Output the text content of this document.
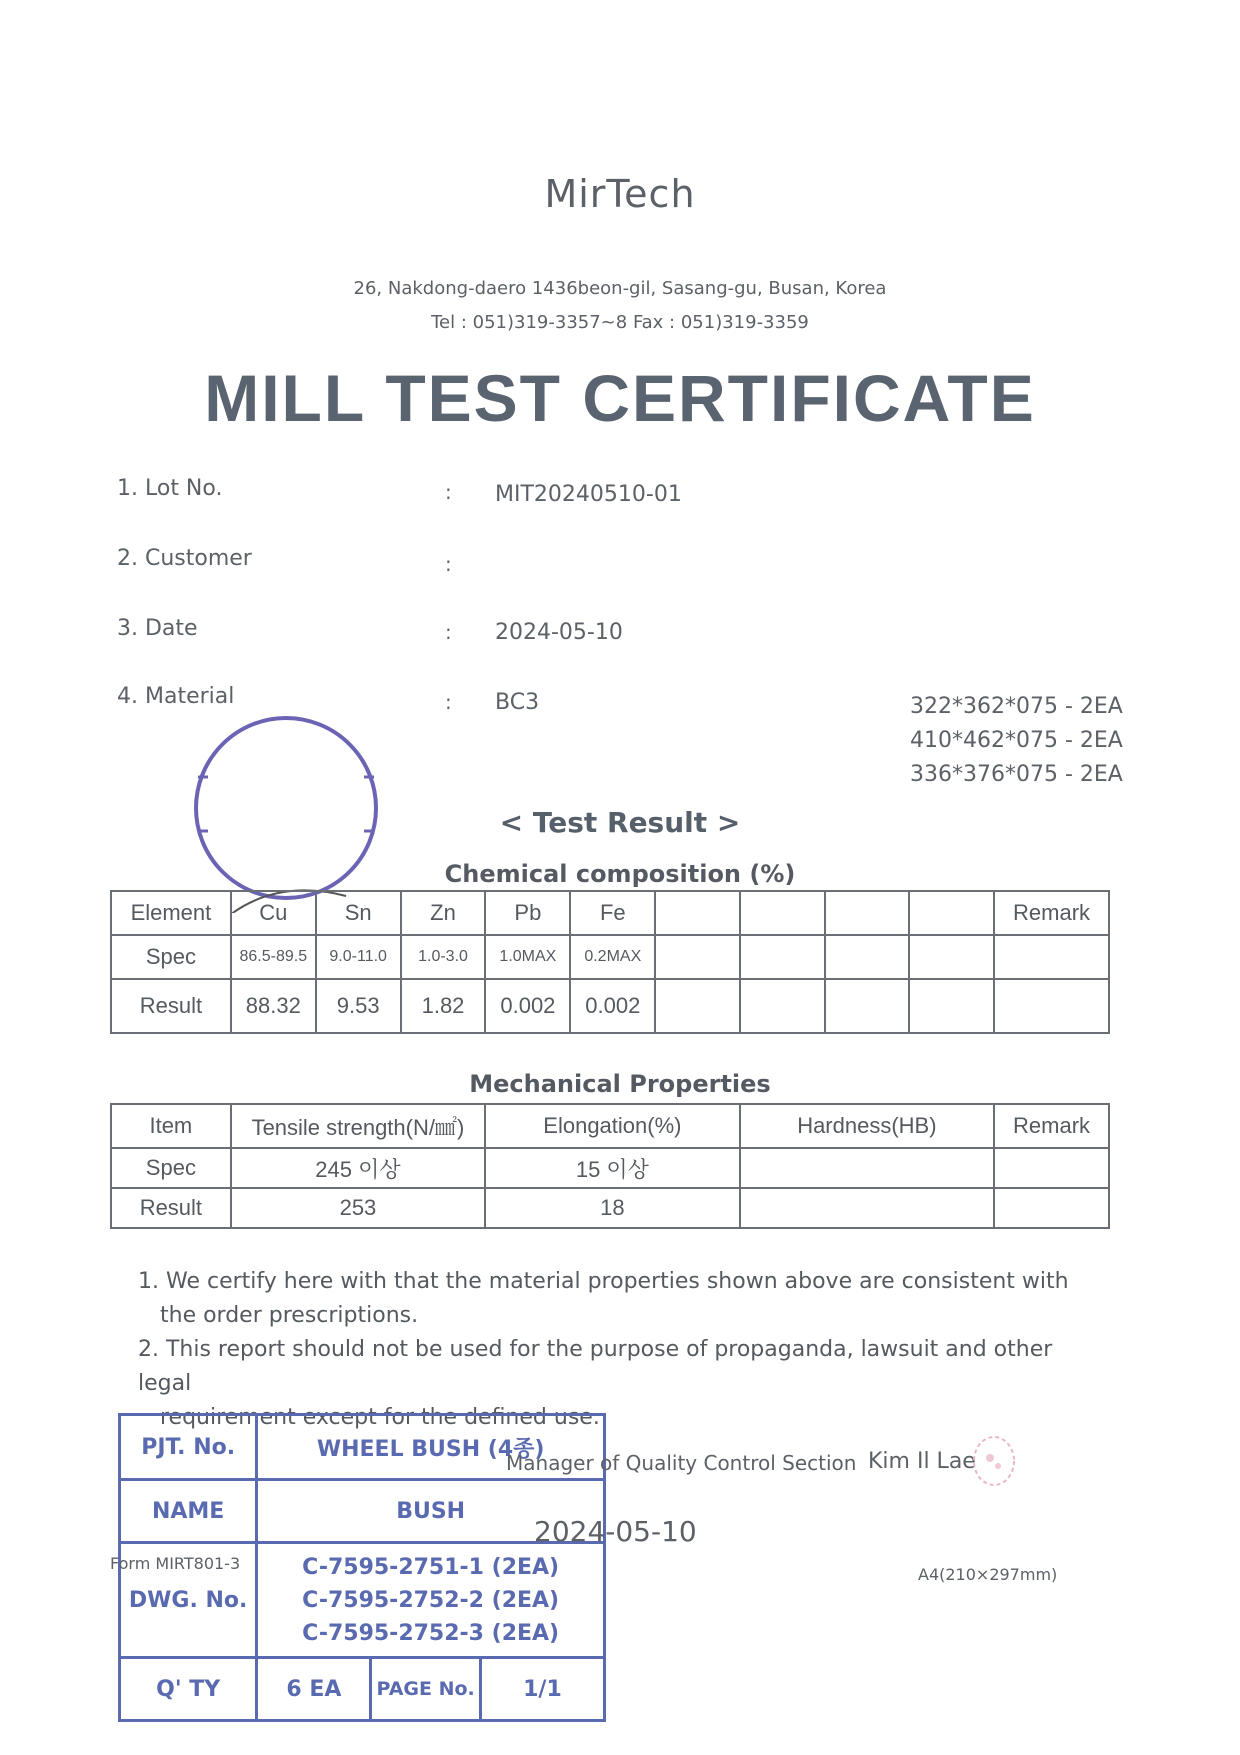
MirTech
26, Nakdong-daero 1436beon-gil, Sasang-gu, Busan, Korea
Tel : 051)319-3357~8 Fax : 051)319-3359
MILL TEST CERTIFICATE
1. Lot No.	: MIT20240510-01
2. Customer	:
3. Date	: 2024-05-10
4. Material	: BC3	322*362*075 - 2EA
410*462*075 - 2EA
336*376*075 - 2EA
< Test Result >
Chemical composition (%)
Element	Cu	Sn	Zn	Pb	Fe					Remark
Spec	86.5-89.5	9.0-11.0	1.0-3.0	1.0MAX	0.2MAX					
Result	88.32	9.53	1.82	0.002	0.002					
Mechanical Properties
Item	Tensile strength(N/㎟)	Elongation(%)	Hardness(HB)	Remark
Spec	245 이상	15 이상		
Result	253	18		
1. We certify here with that the material properties shown above are consistent with
the order prescriptions.
2. This report should not be used for the purpose of propaganda, lawsuit and other legal
requirement except for the defined use.
PJT. No.	WHEEL BUSH (4종)		
NAME	BUSH		
DWG. No.	C-7595-2751-1 (2EA)
C-7595-2752-2 (2EA)
C-7595-2752-3 (2EA)		

Q' TY	6 EA	PAGE No.	1/1
Manager of Quality Control Section Kim Il Lae
2024-05-10
Form MIRT801-3
A4(210×297mm)
